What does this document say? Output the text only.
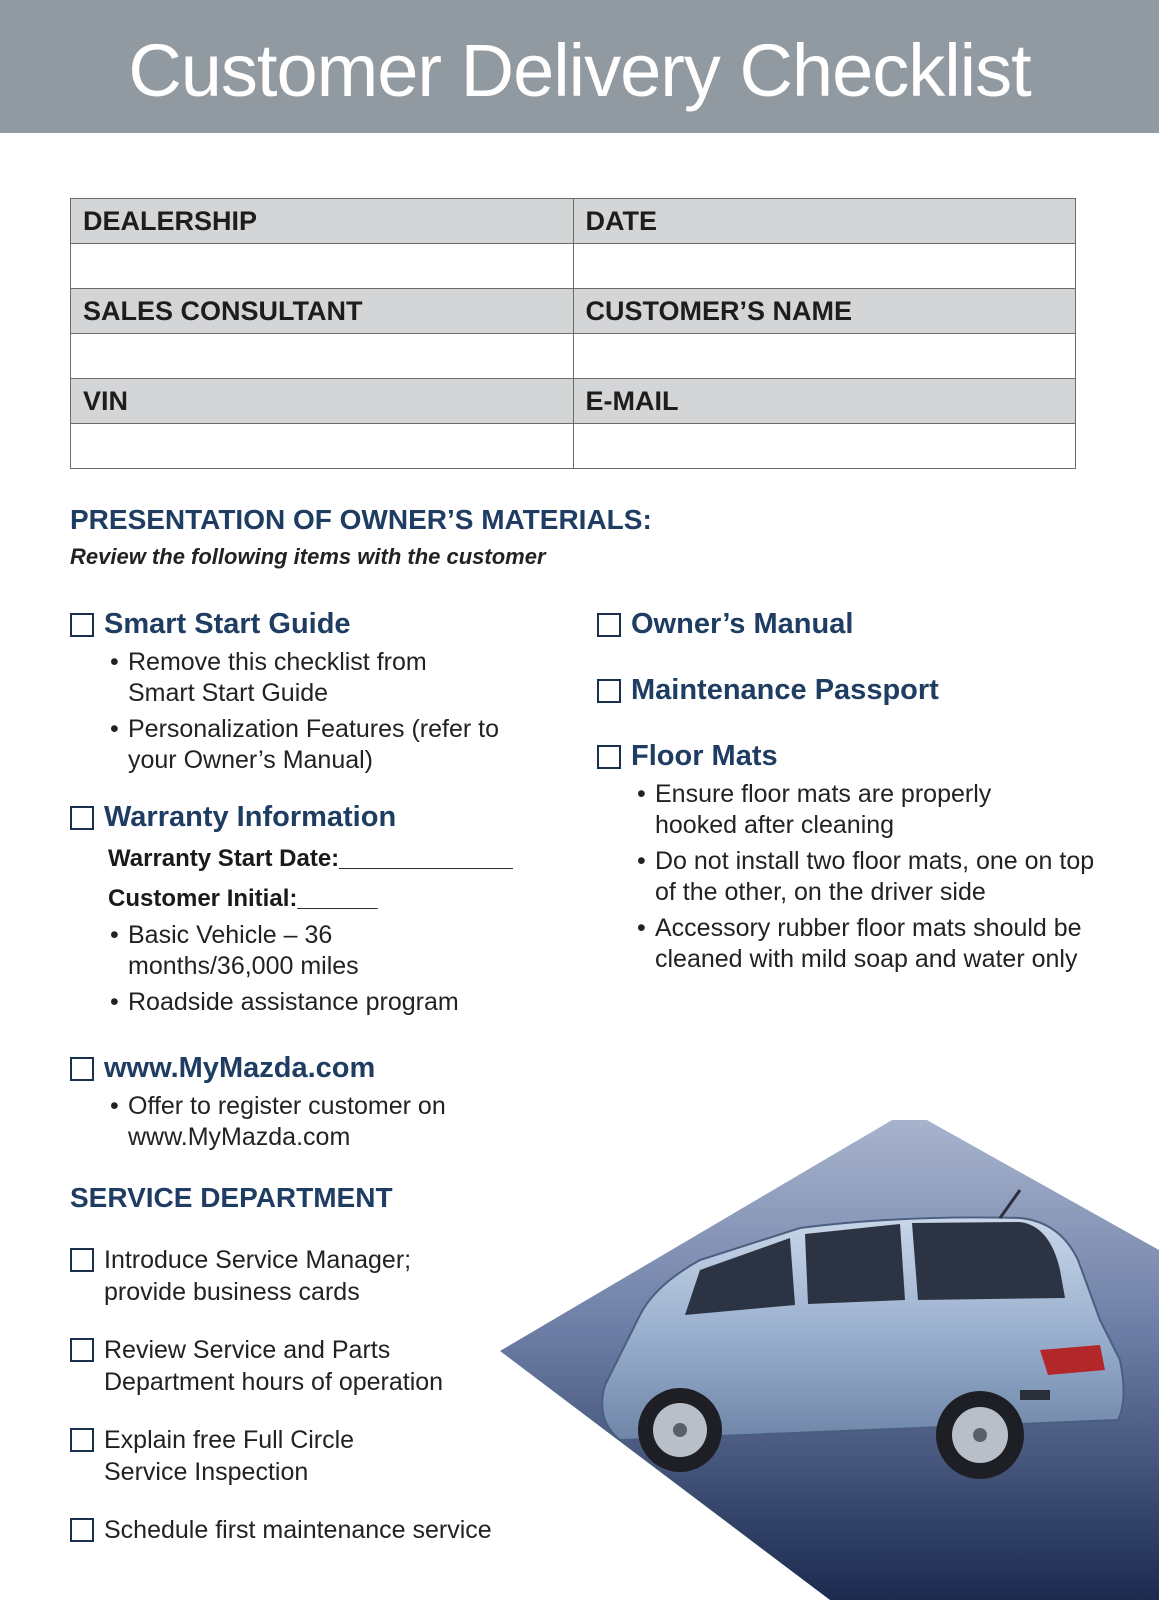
Customer Delivery Checklist
DEALERSHIP	DATE

SALES CONSULTANT	CUSTOMER’S NAME

VIN	E-MAIL

PRESENTATION OF OWNER’S MATERIALS:
Review the following items with the customer
Smart Start Guide
• Remove this checklist from Smart Start Guide
• Personalization Features (refer to your Owner’s Manual)
Warranty Information
Warranty Start Date:_____________
Customer Initial:______
• Basic Vehicle – 36 months/36,000 miles
• Roadside assistance program
www.MyMazda.com
• Offer to register customer on www.MyMazda.com
Owner’s Manual
Maintenance Passport
Floor Mats
• Ensure floor mats are properly hooked after cleaning
• Do not install two floor mats, one on top of the other, on the driver side
• Accessory rubber floor mats should be cleaned with mild soap and water only
SERVICE DEPARTMENT
Introduce Service Manager; provide business cards
Review Service and Parts Department hours of operation
Explain free Full Circle Service Inspection
Schedule first maintenance service
